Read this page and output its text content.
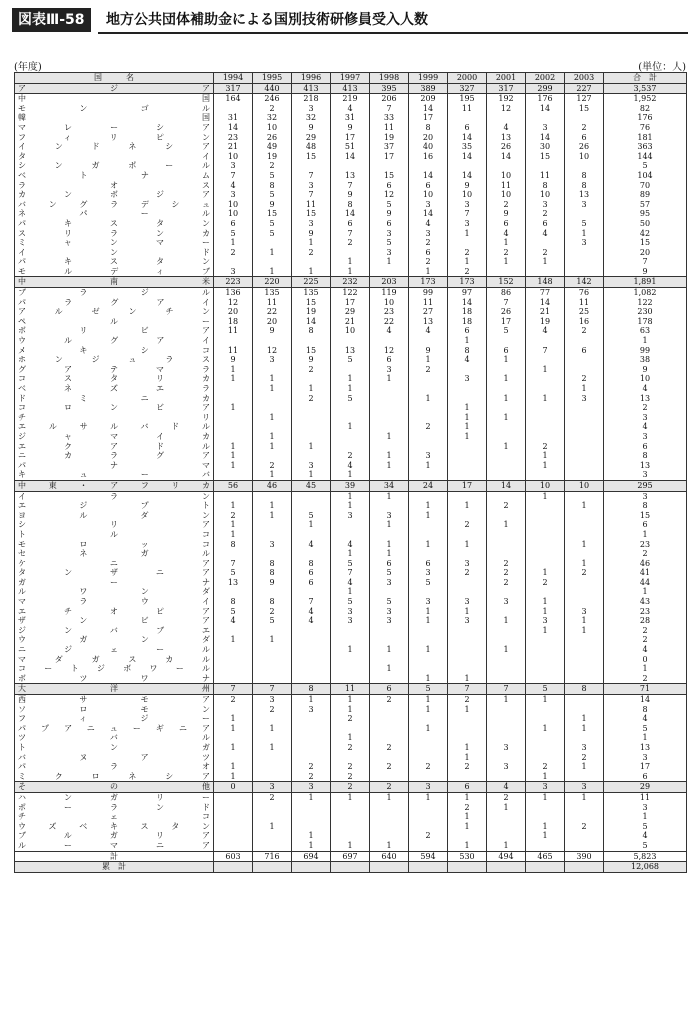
図表Ⅲ-58	地方公共団体補助金による国別技術研修員受入人数
(年度)	(単位：人)
国　　　名	1994	1995	1996	1997	1998	1999	2000	2001	2002	2003	合　計
ア　ジ　ア	317	440	413	413	395	389	327	317	299	227	3,537
中国	164	246	218	219	206	209	195	192	176	127	1,952
モンゴル		2	3	4	7	14	11	12	14	15	82
韓国	31	32	32	31	33	17					176
マレーシア	14	10	9	9	11	8	6	4	3	2	76
フィリピン	23	26	29	17	19	20	14	13	14	6	181
インドネシア	21	49	48	51	37	40	35	26	30	26	363
タイ	10	19	15	14	17	16	14	14	15	10	144
シンガポール	3	2									5
ベトナム	7	5	7	13	15	14	14	10	11	8	104
ラオス	4	8	3	7	6	6	9	11	8	8	70
カンボジア	3	5	7	9	12	10	10	10	10	13	89
バングラデシュ	10	9	11	8	5	3	3	2	3	3	57
ネパール	10	15	15	14	9	14	7	9	2		95
パキスタン	6	5	3	6	6	4	3	6	6	5	50
スリランカ	5	5	9	7	3	3	1	4	4	1	42
ミャンマー	1		1	2	5	2		1		3	15
インド	2	1	2		3	6	2	2	2		20
パキスタン				1	1	2	1	1	1		7
モルディブ	3	1	1	1		1	2				9
中　南　米	223	220	225	232	203	173	173	152	148	142	1,891
ブラジル	136	135	135	122	119	99	97	86	77	76	1,082
パラグアイ	12	11	15	17	10	11	14	7	14	11	122
アルゼンチン	20	22	19	29	23	27	18	26	21	25	230
ペルー	18	20	14	21	22	13	18	17	19	16	178
ボリビア	11	9	8	10	4	4	6	5	4	2	63
ウルグアイ							1				1
メキシコ	11	12	15	13	12	9	8	6	7	6	99
ホンジュラス	9	3	9	5	6	1	4	1			38
グアテマラ	1		2		3	2			1		9
コスタリカ	1	1		1	1		3	1		2	10
ベネズエラ		1	1	1						1	4
ドミニカ			2	5		1		1	1	3	13
コロンビア	1						1				2
チリ		1					1	1			3
エルサルバドル				1		2	1				4
ジャマイカ		1			1		1				3
エクアドル	1	1	1					1	2		6
ニカラグア	1			2	1	3			1		8
パナマ	1	2	3	4	1	1			1		13
キューバ		1	1	1							3
中東・アフリカ	56	46	45	39	34	24	17	14	10	10	295
イラン				1	1				1		3
エジプト	1	1		1		1	1	2		1	8
ヨルダン	2	1	5	3	3	1					15
シリア	1		1		1		2	1			6
トルコ	1										1
モロッコ	8	3	4	4	1	1	1			1	23
セネガル				1	1						2
ケニア	7	8	8	5	6	6	3	2		1	46
タンザニア	5	8	6	7	5	3	2	2	1	2	41
ガーナ	13	9	6	4	3	5		2	2		44
ルワンダ				1							1
マラウイ	8	8	7	5	5	3	3	3	1		43
エチオピア	5	2	4	3	3	1	1		1	3	23
ザンビア	4	5	4	3	3	1	3	1	3	1	28
ジンバブエ									1	1	2
ウガンダ	1	1									2
ニジェール				1	1	1		1			4
マダガスカル											0
コートジボワール					1						1
ボツワナ						1	1				2
大　洋　州	7	7	8	11	6	5	7	7	5	8	71
西サモア	2	3	1	1	2	1	2	1	1		14
ソロモン		2	3	1		1	1				8
フィジー	1			2						1	4
パプアニューギニア	1	1				1			1	1	5
ツバル				1							1
トンガ	1	1		2	2		1	3		3	13
バヌアツ							1			2	3
パラオ	1		2	2	2	2	2	3	2	1	17
ミクロネシア	1		2	2					1		6
そ　の　他	0	3	3	2	2	3	6	4	3	3	29
ハンガリー		2	1	1	1	1	1	2	1	1	11
ポーランド							2	1			3
チェコ							1				1
ウズベキスタン		1					1		1	2	5
ブルガリア			1			2			1		4
ルーマニア			1	1	1		1	1			5
計	603	716	694	697	640	594	530	494	465	390	5,823
累　計											12,068
